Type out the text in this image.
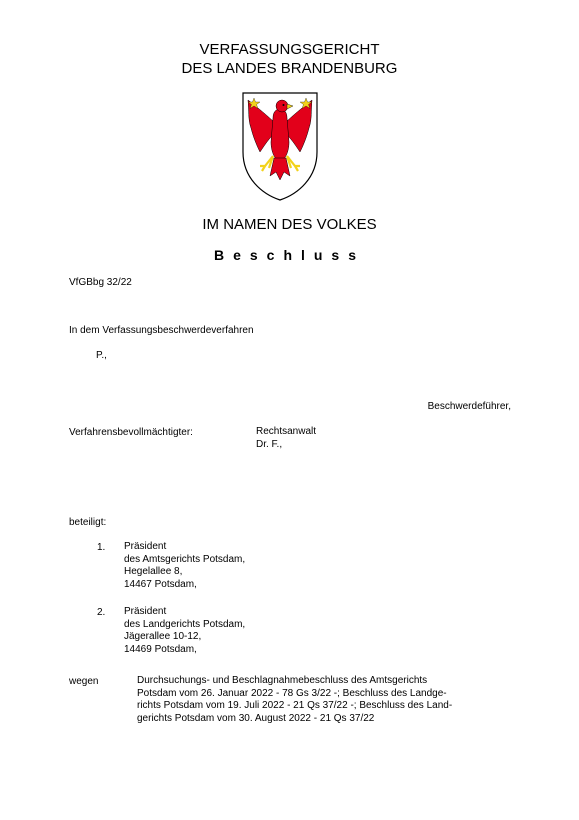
VERFASSUNGSGERICHT
DES LANDES BRANDENBURG
IM NAMEN DES VOLKES
Beschluss
VfGBbg 32/22
In dem Verfassungsbeschwerdeverfahren
P.,
Beschwerdeführer,
Verfahrensbevollmächtigter:	Rechtsanwalt
Dr. F.,
beteiligt:
1. Präsident
des Amtsgerichts Potsdam,
Hegelallee 8,
14467 Potsdam,
2. Präsident
des Landgerichts Potsdam,
Jägerallee 10-12,
14469 Potsdam,
wegen	Durchsuchungs- und Beschlagnahmebeschluss des Amtsgerichts
Potsdam vom 26. Januar 2022 - 78 Gs 3/22 -; Beschluss des Landge-
richts Potsdam vom 19. Juli 2022 - 21 Qs 37/22 -; Beschluss des Land-
gerichts Potsdam vom 30. August 2022 - 21 Qs 37/22
